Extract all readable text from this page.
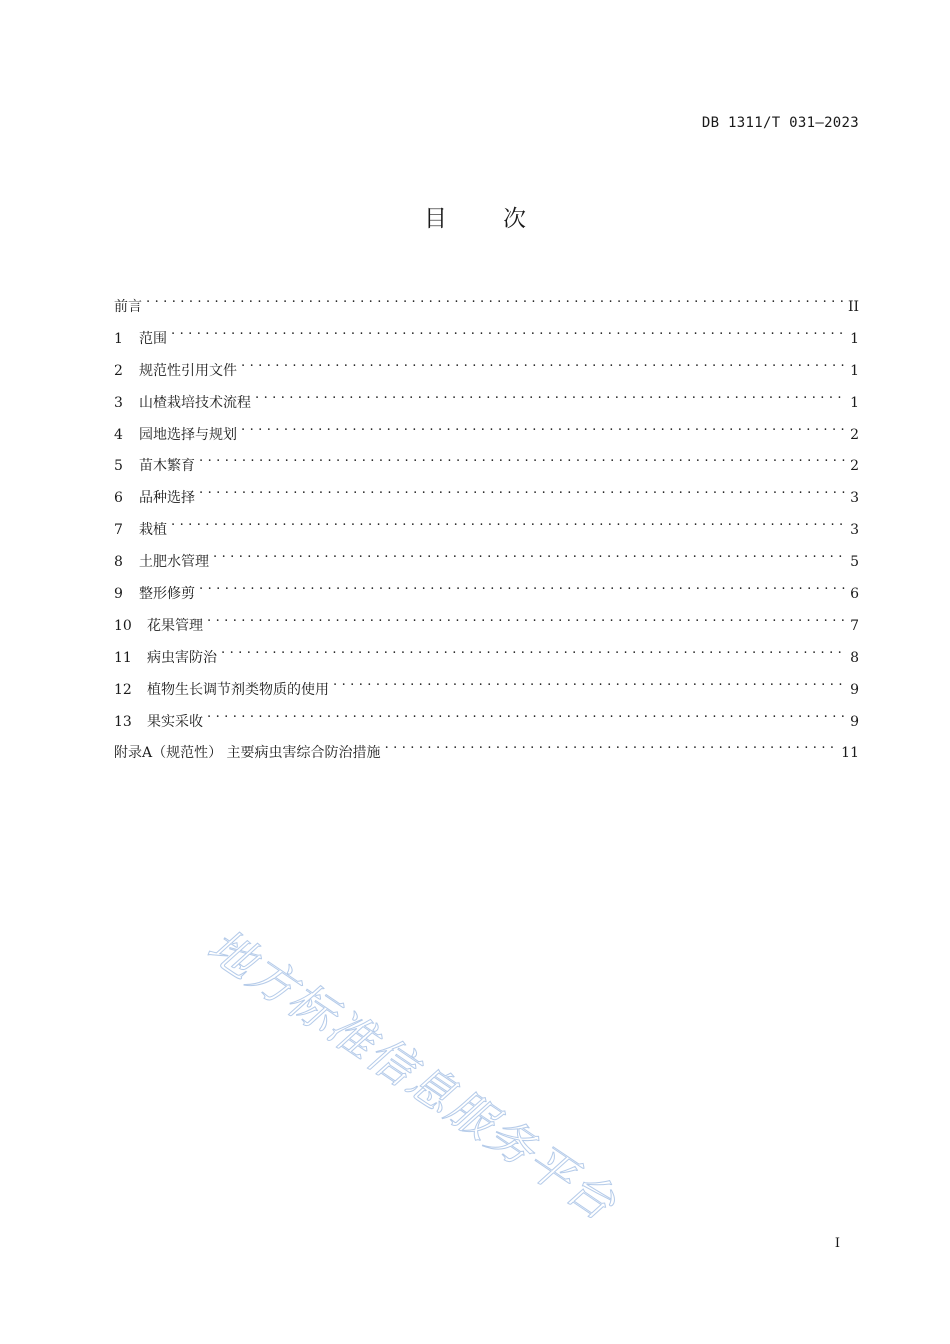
DB 1311/T 031—2023
目次
前言 . . .	II
1	范围 . . .	1
2	规范性引用文件 . . .	1
3	山楂栽培技术流程 . . .	1
4	园地选择与规划 . . .	2
5	苗木繁育 . . .	2
6	品种选择 . . .	3
7	栽植 . . .	3
8	土肥水管理 . . .	5
9	整形修剪 . . .	6
10	花果管理 . . .	7
11	病虫害防治 . . .	8
12	植物生长调节剂类物质的使用 . . .	9
13	果实采收 . . .	9
附录A（规范性） 主要病虫害综合防治措施 . . .	11
地方标准信息服务平台
I
